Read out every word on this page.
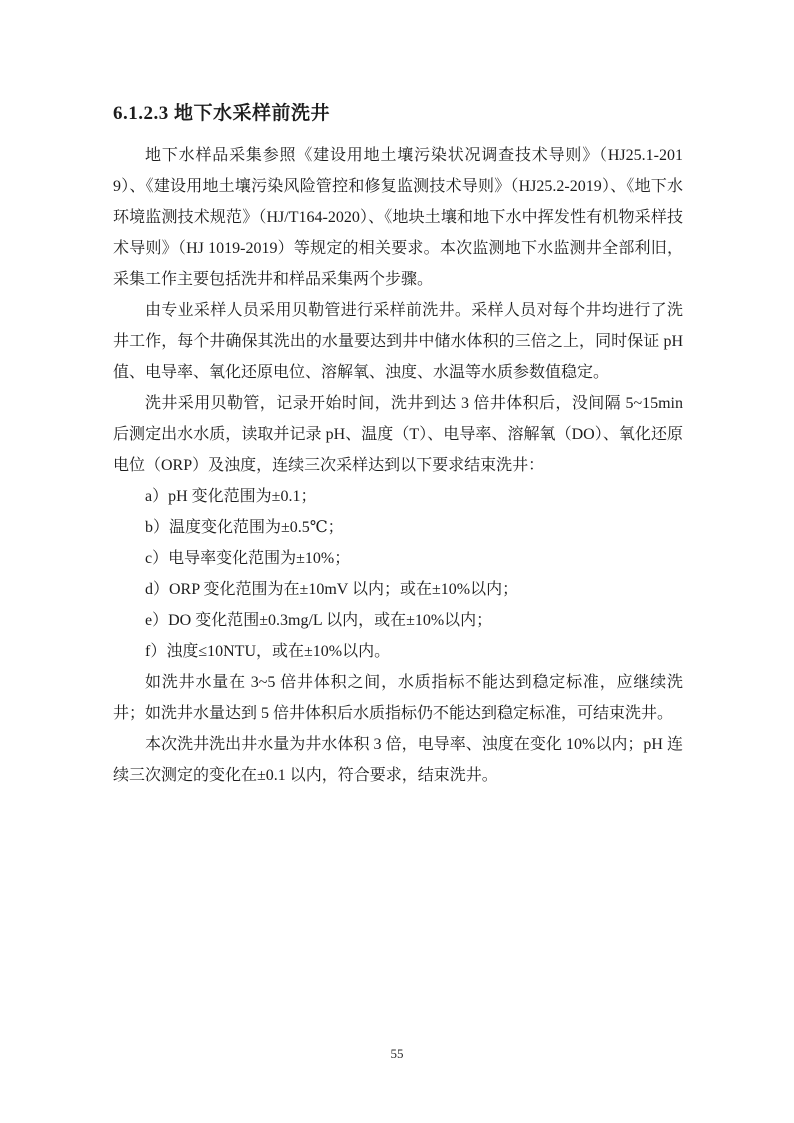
6.1.2.3 地下水采样前洗井

地下水样品采集参照《建设用地土壤污染状况调查技术导则》（HJ25.1-2019）、《建设用地土壤污染风险管控和修复监测技术导则》（HJ25.2-2019）、《地下水环境监测技术规范》（HJ/T164-2020）、《地块土壤和地下水中挥发性有机物采样技术导则》（HJ 1019-2019）等规定的相关要求。本次监测地下水监测井全部利旧，采集工作主要包括洗井和样品采集两个步骤。

由专业采样人员采用贝勒管进行采样前洗井。采样人员对每个井均进行了洗井工作，每个井确保其洗出的水量要达到井中储水体积的三倍之上，同时保证 pH 值、电导率、氧化还原电位、溶解氧、浊度、水温等水质参数值稳定。

洗井采用贝勒管，记录开始时间，洗井到达 3 倍井体积后，没间隔 5~15min 后测定出水水质，读取并记录 pH、温度（T）、电导率、溶解氧（DO）、氧化还原电位（ORP）及浊度，连续三次采样达到以下要求结束洗井：

a）pH 变化范围为±0.1；

b）温度变化范围为±0.5℃；

c）电导率变化范围为±10%；

d）ORP 变化范围为在±10mV 以内；或在±10%以内；

e）DO 变化范围±0.3mg/L 以内，或在±10%以内；

f）浊度≤10NTU，或在±10%以内。

如洗井水量在 3~5 倍井体积之间，水质指标不能达到稳定标准，应继续洗井；如洗井水量达到 5 倍井体积后水质指标仍不能达到稳定标准，可结束洗井。

本次洗井洗出井水量为井水体积 3 倍，电导率、浊度在变化 10%以内；pH 连续三次测定的变化在±0.1 以内，符合要求，结束洗井。

55
